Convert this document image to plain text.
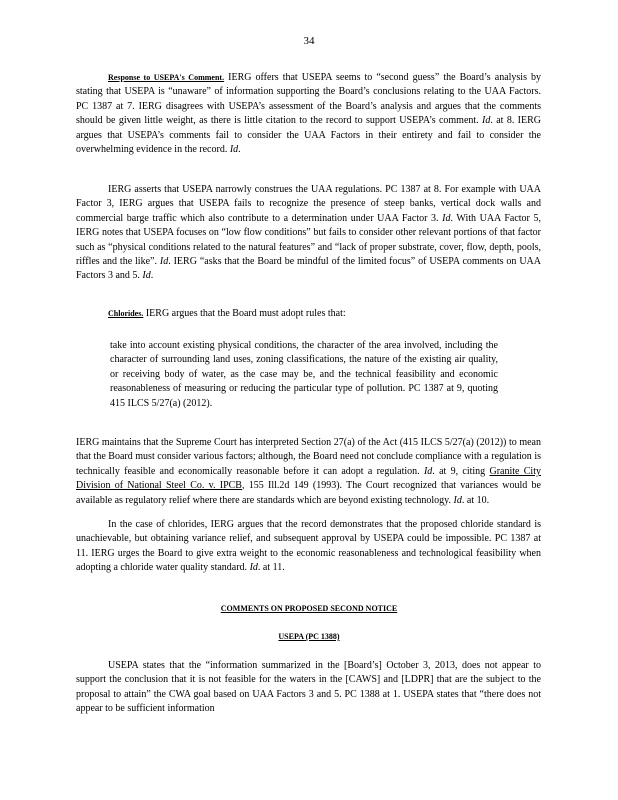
34

Response to USEPA's Comment. IERG offers that USEPA seems to “second guess” the Board’s analysis by stating that USEPA is “unaware” of information supporting the Board’s conclusions relating to the UAA Factors. PC 1387 at 7. IERG disagrees with USEPA’s assessment of the Board’s analysis and argues that the comments should be given little weight, as there is little citation to the record to support USEPA’s comment. Id. at 8. IERG argues that USEPA’s comments fail to consider the UAA Factors in their entirety and fail to consider the overwhelming evidence in the record. Id.

IERG asserts that USEPA narrowly construes the UAA regulations. PC 1387 at 8. For example with UAA Factor 3, IERG argues that USEPA fails to recognize the presence of steep banks, vertical dock walls and commercial barge traffic which also contribute to a determination under UAA Factor 3. Id. With UAA Factor 5, IERG notes that USEPA focuses on “low flow conditions” but fails to consider other relevant portions of that factor such as “physical conditions related to the natural features” and “lack of proper substrate, cover, flow, depth, pools, riffles and the like”. Id. IERG “asks that the Board be mindful of the limited focus” of USEPA comments on UAA Factors 3 and 5. Id.

Chlorides. IERG argues that the Board must adopt rules that:

take into account existing physical conditions, the character of the area involved, including the character of surrounding land uses, zoning classifications, the nature of the existing air quality, or receiving body of water, as the case may be, and the technical feasibility and economic reasonableness of measuring or reducing the particular type of pollution. PC 1387 at 9, quoting 415 ILCS 5/27(a) (2012).

IERG maintains that the Supreme Court has interpreted Section 27(a) of the Act (415 ILCS 5/27(a) (2012)) to mean that the Board must consider various factors; although, the Board need not conclude compliance with a regulation is technically feasible and economically reasonable before it can adopt a regulation. Id. at 9, citing Granite City Division of National Steel Co. v. IPCB, 155 Ill.2d 149 (1993). The Court recognized that variances would be available as regulatory relief where there are standards which are beyond existing technology. Id. at 10.

In the case of chlorides, IERG argues that the record demonstrates that the proposed chloride standard is unachievable, but obtaining variance relief, and subsequent approval by USEPA could be impossible. PC 1387 at 11. IERG urges the Board to give extra weight to the economic reasonableness and technological feasibility when adopting a chloride water quality standard. Id. at 11.

COMMENTS ON PROPOSED SECOND NOTICE
USEPA (PC 1388)

USEPA states that the “information summarized in the [Board’s] October 3, 2013, does not appear to support the conclusion that it is not feasible for the waters in the [CAWS] and [LDPR] that are the subject to the proposal to attain” the CWA goal based on UAA Factors 3 and 5. PC 1388 at 1. USEPA states that “there does not appear to be sufficient information
